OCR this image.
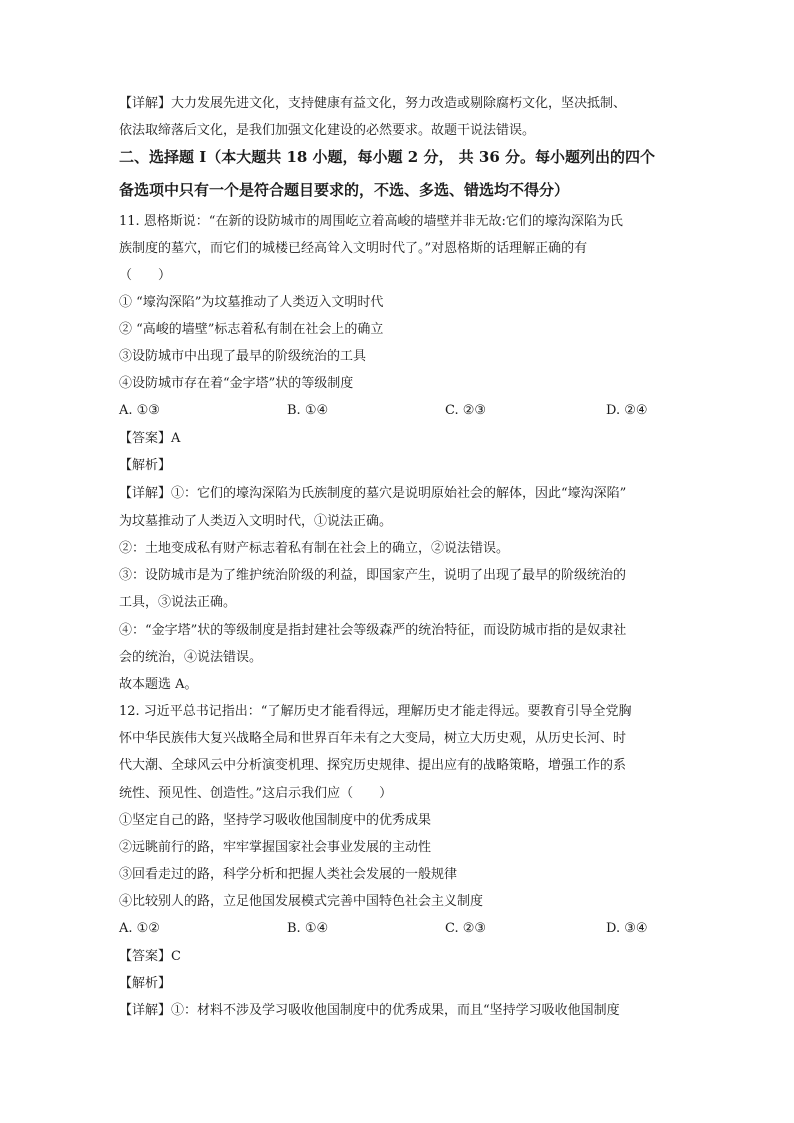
【详解】大力发展先进文化，支持健康有益文化，努力改造或剔除腐朽文化，坚决抵制、
依法取缔落后文化，是我们加强文化建设的必然要求。故题干说法错误。
二、选择题 I（本大题共 18 小题，每小题 2 分， 共 36 分。每小题列出的四个
备选项中只有一个是符合题目要求的，不选、多选、错选均不得分）
11. 恩格斯说：“在新的设防城市的周围屹立着高峻的墙壁并非无故:它们的壕沟深陷为氏
族制度的墓穴，而它们的城楼已经高耸入文明时代了。”对恩格斯的话理解正确的有
（　　）
① “壕沟深陷”为坟墓推动了人类迈入文明时代
② “高峻的墙壁”标志着私有制在社会上的确立
③设防城市中出现了最早的阶级统治的工具
④设防城市存在着“金字塔”状的等级制度
A. ①③	B. ①④	C. ②③	D. ②④
【答案】A
【解析】
【详解】①：它们的壕沟深陷为氏族制度的墓穴是说明原始社会的解体，因此“壕沟深陷”
为坟墓推动了人类迈入文明时代，①说法正确。
②：土地变成私有财产标志着私有制在社会上的确立，②说法错误。
③：设防城市是为了维护统治阶级的利益，即国家产生，说明了出现了最早的阶级统治的
工具，③说法正确。
④：“金字塔”状的等级制度是指封建社会等级森严的统治特征，而设防城市指的是奴隶社
会的统治，④说法错误。
故本题选 A。
12. 习近平总书记指出：“了解历史才能看得远，理解历史才能走得远。要教育引导全党胸
怀中华民族伟大复兴战略全局和世界百年未有之大变局，树立大历史观，从历史长河、时
代大潮、全球风云中分析演变机理、探究历史规律、提出应有的战略策略，增强工作的系
统性、预见性、创造性。”这启示我们应（　　）
①坚定自己的路，坚持学习吸收他国制度中的优秀成果
②远眺前行的路，牢牢掌握国家社会事业发展的主动性
③回看走过的路，科学分析和把握人类社会发展的一般规律
④比较别人的路，立足他国发展模式完善中国特色社会主义制度
A. ①②	B. ①④	C. ②③	D. ③④
【答案】C
【解析】
【详解】①：材料不涉及学习吸收他国制度中的优秀成果，而且“坚持学习吸收他国制度
